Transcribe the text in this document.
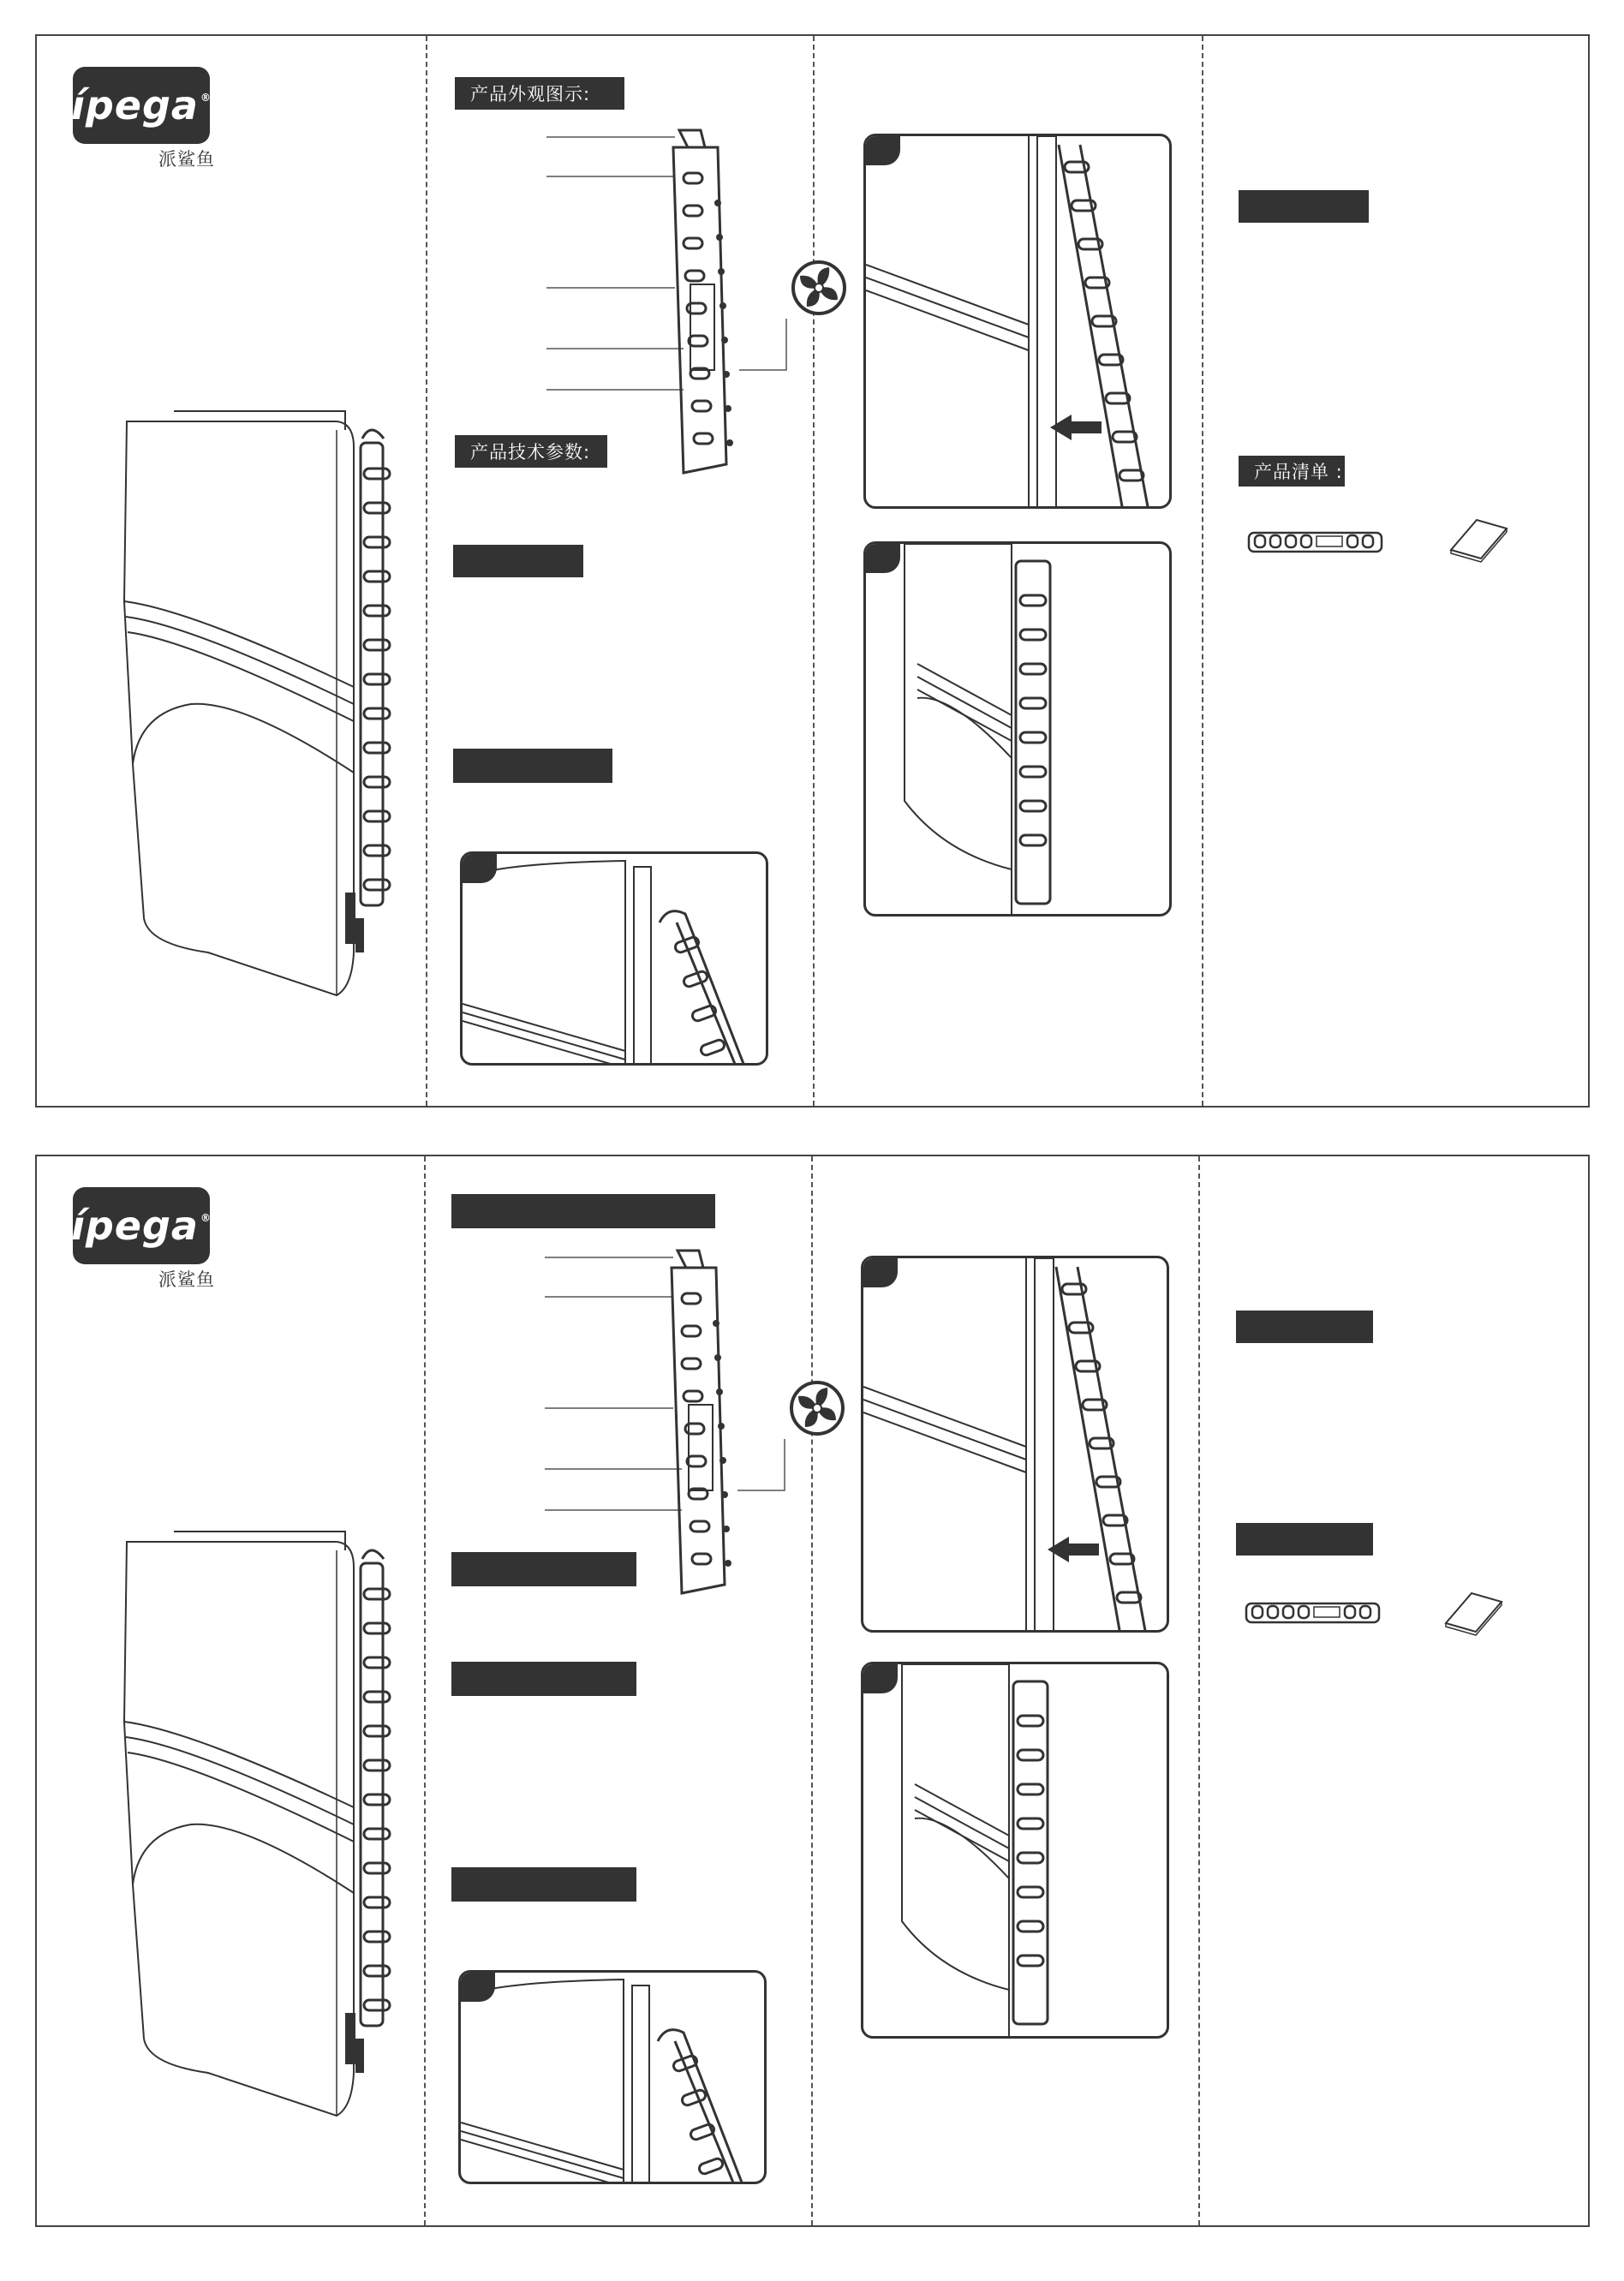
ípega ®
派鲨鱼
产品外观图示:
产品技术参数:
产品清单 :
ípega ®
派鲨鱼
